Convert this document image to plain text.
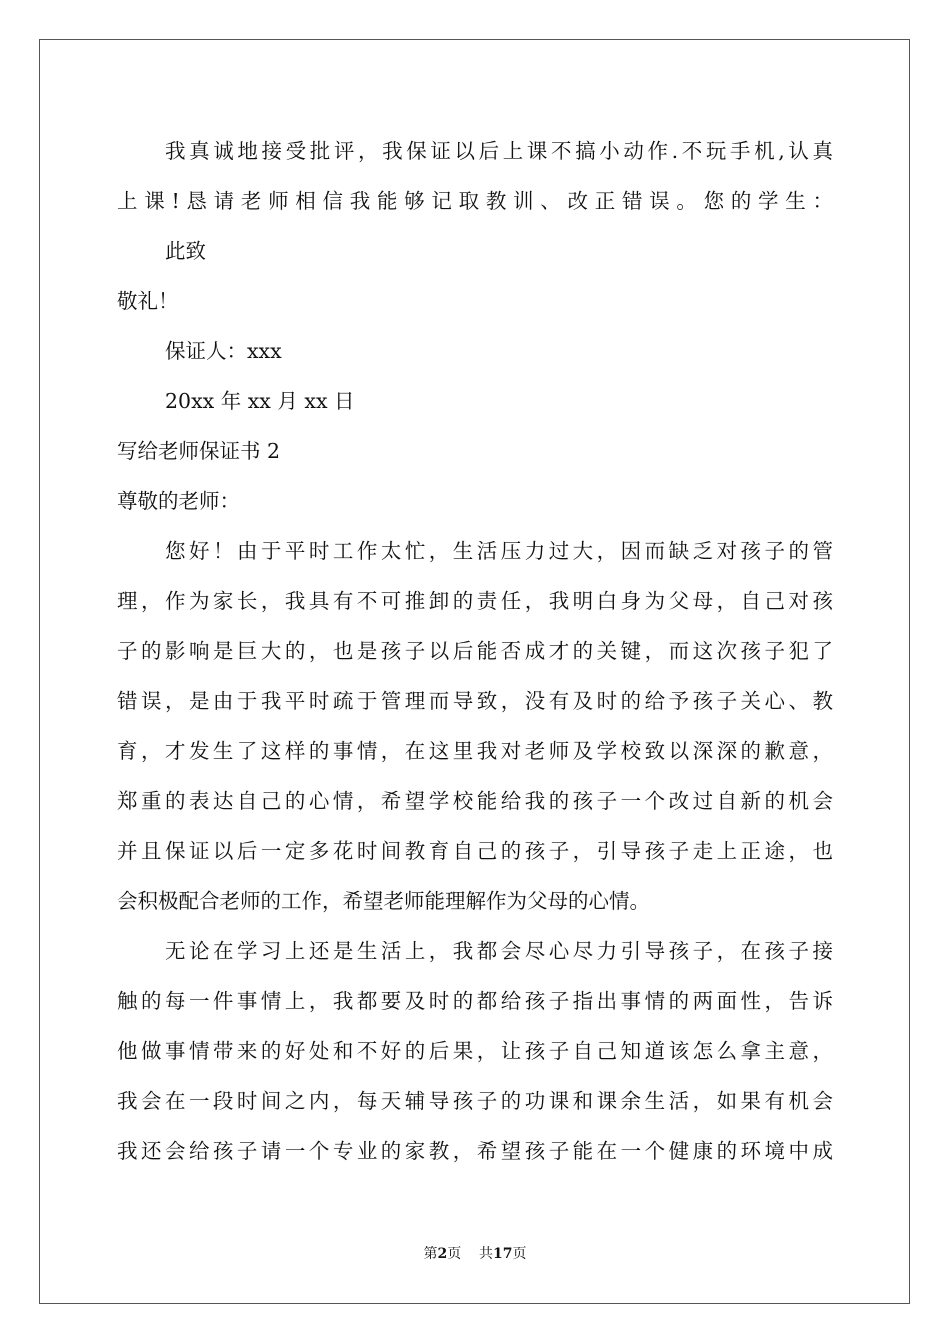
我真诚地接受批评，我保证以后上课不搞小动作.不玩手机,认真
上课!恳请老师相信我能够记取教训、改正错误。您的学生：
此致
敬礼！
保证人：xxx
20xx 年 xx 月 xx 日
写给老师保证书 2
尊敬的老师：
您好！由于平时工作太忙，生活压力过大，因而缺乏对孩子的管
理，作为家长，我具有不可推卸的责任，我明白身为父母，自己对孩
子的影响是巨大的，也是孩子以后能否成才的关键，而这次孩子犯了
错误，是由于我平时疏于管理而导致，没有及时的给予孩子关心、教
育，才发生了这样的事情，在这里我对老师及学校致以深深的歉意，
郑重的表达自己的心情，希望学校能给我的孩子一个改过自新的机会
并且保证以后一定多花时间教育自己的孩子，引导孩子走上正途，也
会积极配合老师的工作，希望老师能理解作为父母的心情。
无论在学习上还是生活上，我都会尽心尽力引导孩子，在孩子接
触的每一件事情上，我都要及时的都给孩子指出事情的两面性，告诉
他做事情带来的好处和不好的后果，让孩子自己知道该怎么拿主意，
我会在一段时间之内，每天辅导孩子的功课和课余生活，如果有机会
我还会给孩子请一个专业的家教，希望孩子能在一个健康的环境中成
第2页 共17页
